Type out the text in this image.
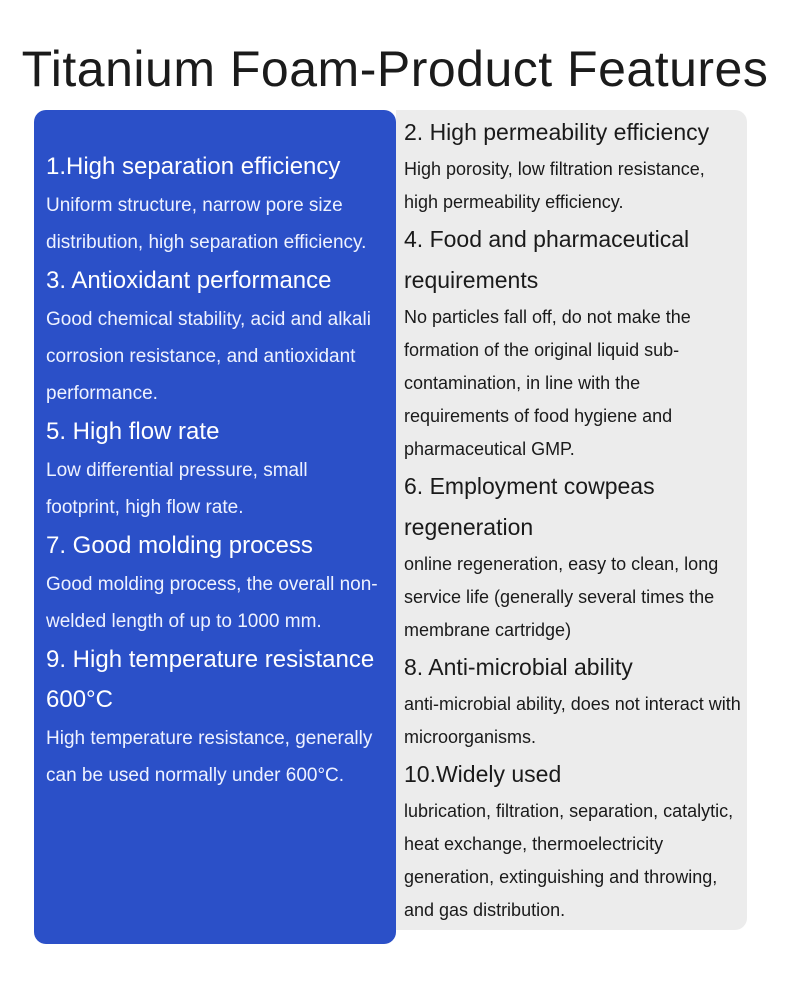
Titanium Foam-Product Features
1.High separation efficiency

Uniform structure, narrow pore size distribution, high separation efficiency.

3. Antioxidant performance

Good chemical stability, acid and alkali corrosion resistance, and antioxidant performance.

5. High flow rate

Low differential pressure, small footprint, high flow rate.

7. Good molding process

Good molding process, the overall non-welded length of up to 1000 mm.

9. High temperature resistance 600°C

High temperature resistance, generally can be used normally under 600°C.

2. High permeability efficiency

High porosity, low filtration resistance, high permeability efficiency.

4. Food and pharmaceutical requirements

No particles fall off, do not make the formation of the original liquid sub-contamination, in line with the requirements of food hygiene and pharmaceutical GMP.

6. Employment cowpeas regeneration

online regeneration, easy to clean, long service life (generally several times the membrane cartridge)

8. Anti-microbial ability

anti-microbial ability, does not interact with microorganisms.

10.Widely used

lubrication, filtration, separation, catalytic, heat exchange, thermoelectricity generation, extinguishing and throwing, and gas distribution.
